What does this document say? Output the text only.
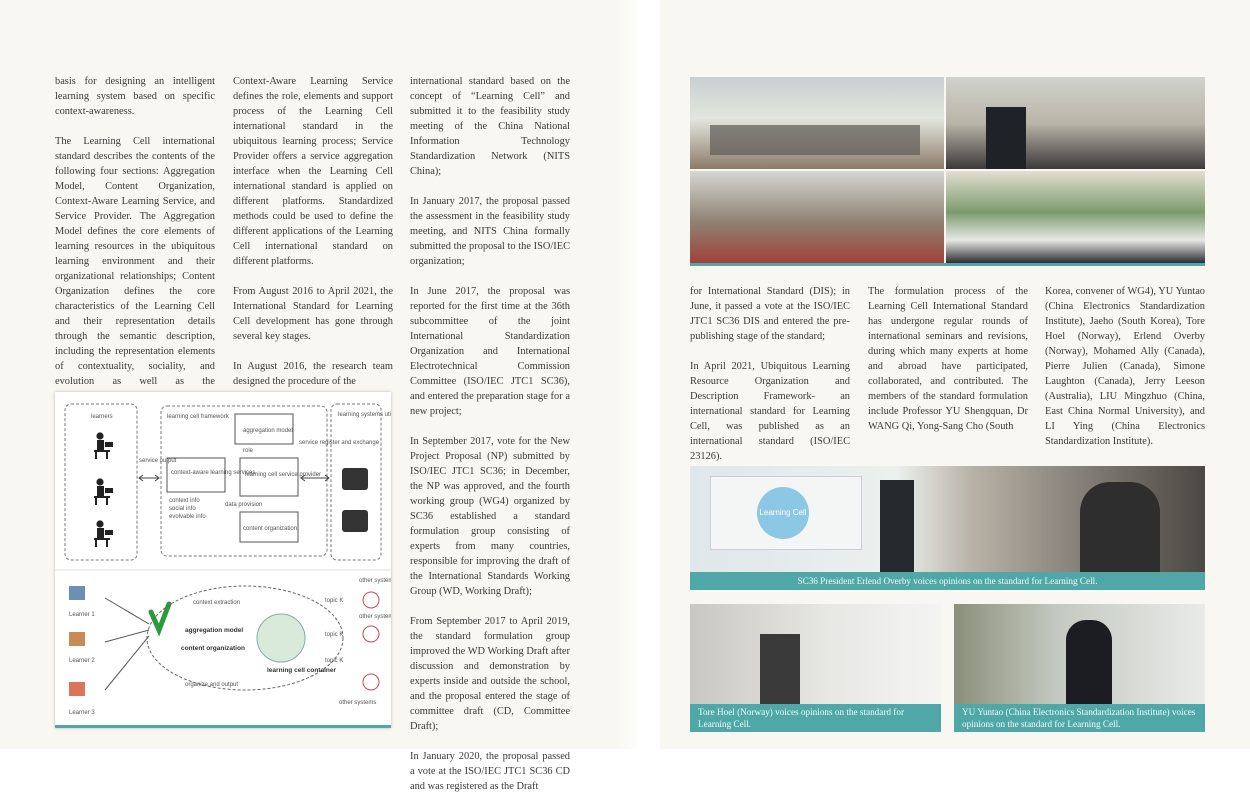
basis for designing an intelligent learning system based on specific context-awareness.

The Learning Cell international standard describes the contents of the following four sections: Aggregation Model, Content Organization, Context-Aware Learning Service, and Service Provider. The Aggregation Model defines the core elements of learning resources in the ubiquitous learning environment and their organizational relationships; Content Organization defines the core characteristics of the Learning Cell and their representation details through the semantic description, including the representation elements of contextuality, sociality, and evolution as well as the

Context-Aware Learning Service defines the role, elements and support process of the Learning Cell international standard in the ubiquitous learning process; Service Provider offers a service aggregation interface when the Learning Cell international standard is applied on different platforms. Standardized methods could be used to define the different applications of the Learning Cell international standard on different platforms.

From August 2016 to April 2021, the International Standard for Learning Cell development has gone through several key stages.

In August 2016, the research team designed the procedure of the

international standard based on the concept of “Learning Cell” and submitted it to the feasibility study meeting of the China National Information Technology Standardization Network (NITS China);

In January 2017, the proposal passed the assessment in the feasibility study meeting, and NITS China formally submitted the proposal to the ISO/IEC organization;

In June 2017, the proposal was reported for the first time at the 36th subcommittee of the joint International Standardization Organization and International Electrotechnical Commission Committee (ISO/IEC JTC1 SC36), and entered the preparation stage for a new project;

In September 2017, vote for the New Project Proposal (NP) submitted by ISO/IEC JTC1 SC36; in December, the NP was approved, and the fourth working group (WG4) organized by SC36 established a standard formulation group consisting of experts from many countries, responsible for improving the draft of the International Standards Working Group (WD, Working Draft);

From September 2017 to April 2019, the standard formulation group improved the WD Working Draft after discussion and demonstration by experts inside and outside the school, and the proposal entered the stage of committee draft (CD, Committee Draft);

In January 2020, the proposal passed a vote at the ISO/IEC JTC1 SC36 CD and was registered as the Draft

learners	learning cell framework
aggregation model
learning cell service provider
role
context-aware learning services
context info
social info
evolvable info
data provision
content organization
service output
service register and exchange
learning systems ut
Learner 1
Learner 2
Learner 3
context extraction
aggregation model
content organization
organize and output
learning cell container
topic K
topic K
topic K
other system
other system
other systems

for International Standard (DIS); in June, it passed a vote at the ISO/IEC JTC1 SC36 DIS and entered the pre-publishing stage of the standard;

In April 2021, Ubiquitous Learning Resource Organization and Description Framework- an international standard for Learning Cell, was published as an international standard (ISO/IEC 23126).

The formulation process of the Learning Cell International Standard has undergone regular rounds of international seminars and revisions, during which many experts at home and abroad have participated, collaborated, and contributed. The members of the standard formulation include Professor YU Shengquan, Dr WANG Qi, Yong-Sang Cho (South

Korea, convener of WG4), YU Yuntao (China Electronics Standardization Institute), Jaeho (South Korea), Tore Hoel (Norway), Erlend Overby (Norway), Mohamed Ally (Canada), Pierre Julien (Canada), Simone Laughton (Canada), Jerry Leeson (Australia), LIU Mingzhuo (China, East China Normal University), and LI Ying (China Electronics Standardization Institute).

Learning Cell
SC36 President Erlend Overby voices opinions on the standard for Learning Cell.
Tore Hoel (Norway) voices opinions on the standard for
Learning Cell.
YU Yuntao (China Electronics Standardization Institute) voices
opinions on the standard for Learning Cell.
